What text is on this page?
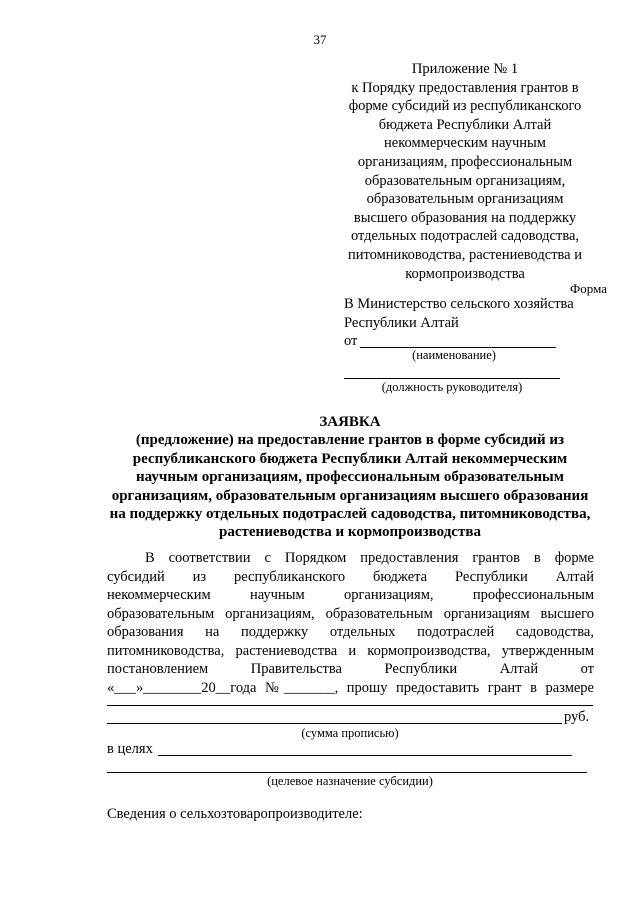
37
Приложение № 1
к Порядку предоставления грантов в
форме субсидий из республиканского
бюджета Республики Алтай
некоммерческим научным
организациям, профессиональным
образовательным организациям,
образовательным организациям
высшего образования на поддержку
отдельных подотраслей садоводства,
питомниководства, растениеводства и
кормопроизводства
Форма
В Министерство сельского хозяйства
Республики Алтай
от
(наименование)
(должность руководителя)
ЗАЯВКА
(предложение) на предоставление грантов в форме субсидий из
республиканского бюджета Республики Алтай некоммерческим
научным организациям, профессиональным образовательным
организациям, образовательным организациям высшего образования
на поддержку отдельных подотраслей садоводства, питомниководства,
растениеводства и кормопроизводства
В соответствии с Порядком предоставления грантов в форме
субсидий из республиканского бюджета Республики Алтай
некоммерческим научным организациям, профессиональным
образовательным организациям, образовательным организациям высшего
образования на поддержку отдельных подотраслей садоводства,
питомниководства, растениеводства и кормопроизводства, утвержденным
постановлением Правительства Республики Алтай от
«___»________20__года №_______, прошу предоставить грант в размере
руб.
(сумма прописью)
в целях
(целевое назначение субсидии)
Сведения о сельхозтоваропроизводителе:
